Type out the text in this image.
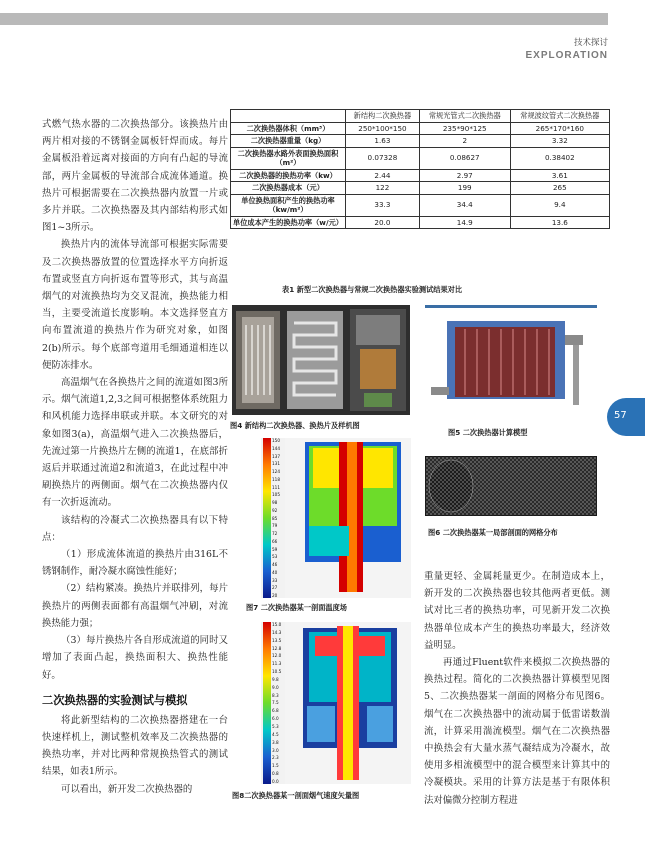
技术探讨
EXPLORATION

式燃气热水器的二次换热部分。该换热片由两片相对接的不锈钢金属板钎焊而成。每片金属板沿着远离对接面的方向有凸起的导流部，两片金属板的导流部合成流体通道。换热片可根据需要在二次换热器内放置一片或多片并联。二次换热器及其内部结构形式如图1~3所示。

换热片内的流体导流部可根据实际需要及二次换热器放置的位置选择水平方向折返布置或竖直方向折返布置等形式，其与高温烟气的对流换热均为交叉混流，换热能力相当，主要受流道长度影响。本文选择竖直方向布置流道的换热片作为研究对象，如图2(b)所示。每个底部弯道用毛细通道相连以便防冻排水。

高温烟气在各换热片之间的流道如图3所示。烟气流道1,2,3之间可根据整体系统阻力和风机能力选择串联或并联。本文研究的对象如图3(a)，高温烟气进入二次换热器后，先流过第一片换热片左侧的流道1，在底部折返后并联通过流道2和流道3，在此过程中冲刷换热片的两侧面。烟气在二次换热器内仅有一次折返流动。

该结构的冷凝式二次换热器具有以下特点：

（1）形成流体流道的换热片由316L不锈钢制作，耐冷凝水腐蚀性能好；

（2）结构紧凑。换热片并联排列，每片换热片的两侧表面都有高温烟气冲刷，对流换热能力强；

（3）每片换热片各自形成流道的同时又增加了表面凸起，换热面积大、换热性能好。

二次换热器的实验测试与模拟

将此新型结构的二次换热器搭建在一台快速样机上，测试整机效率及二次换热器的换热功率，并对比两种常规换热管式的测试结果，如表1所示。

可以看出，新开发二次换热器的

	新结构二次换热器	常规光管式二次换热器	常规波纹管式二次换热器
二次换热器体积（mm³）	250*100*150	235*90*125	265*170*160
二次换热器重量（kg）	1.63	2	3.32
二次换热器水路外表面换热面积（m²）	0.07328	0.08627	0.38402
二次换热器的换热功率（kw）	2.44	2.97	3.61
二次换热器成本（元）	122	199	265
单位换热面积产生的换热功率（kw/m²）	33.3	34.4	9.4
单位成本产生的换热功率（w/元）	20.0	14.9	13.6
表1 新型二次换热器与常规二次换热器实验测试结果对比
图4 新结构二次换热器、换热片及样机图
图5 二次换热器计算模型
图6 二次换热器某一局部剖面的网格分布
150
144
137
131
124
118
111
105
98
92
85
79
72
66
59
53
46
40
33
27
20
图7 二次换热器某一剖面温度场
15.0
14.3
13.5
12.8
12.0
11.3
10.5
9.8
9.0
8.3
7.5
6.8
6.0
5.3
4.5
3.8
3.0
2.3
1.5
0.8
0.0
图8二次换热器某一剖面烟气速度矢量图

重量更轻、金属耗量更少。在制造成本上，新开发的二次换热器也较其他两者更低。测试对比三者的换热功率，可见新开发二次换热器单位成本产生的换热功率最大，经济效益明显。

再通过Fluent软件来模拟二次换热器的换热过程。简化的二次换热器计算模型见图5、二次换热器某一剖面的网格分布见图6。烟气在二次换热器中的流动属于低雷诺数湍流，计算采用湍流模型。烟气在二次换热器中换热会有大量水蒸气凝结成为冷凝水，故使用多相流模型中的混合模型来计算其中的冷凝模块。采用的计算方法是基于有限体积法对偏微分控制方程进

57
